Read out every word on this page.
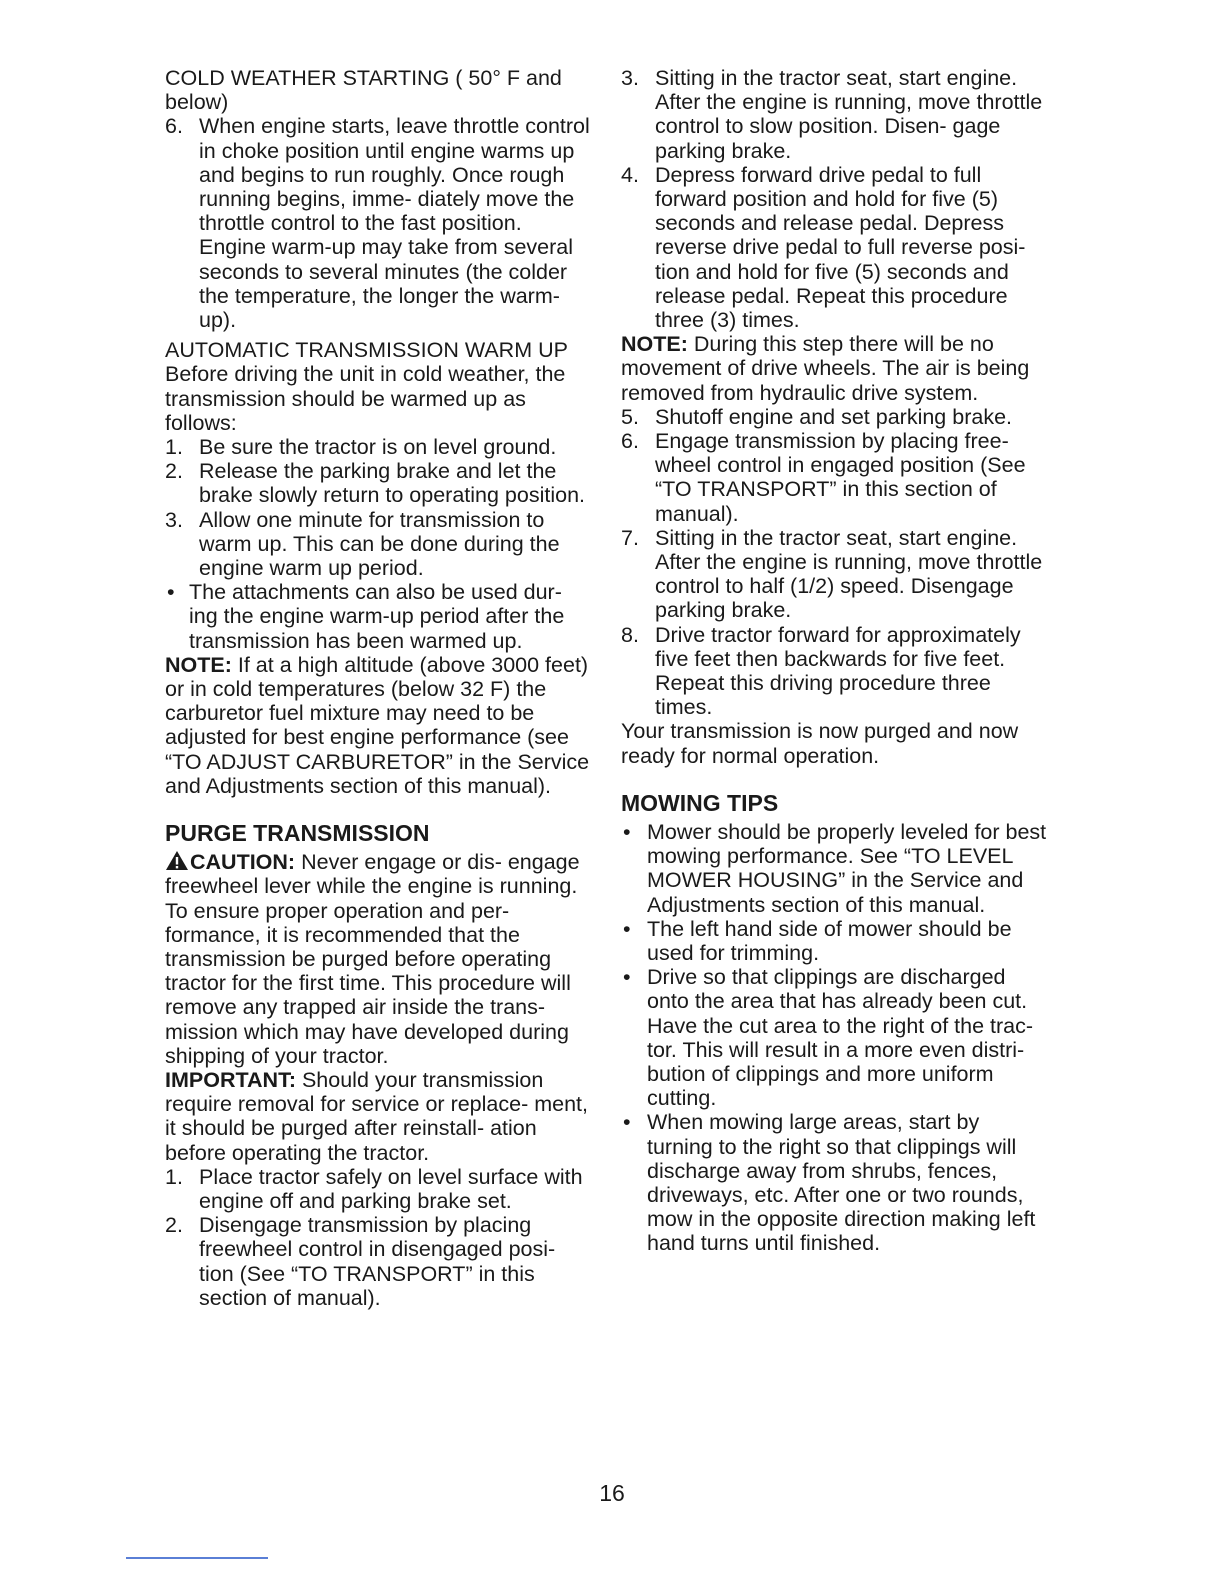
COLD WEATHER STARTING ( 50° F and
below)

6. When engine starts, leave throttle control in choke position until engine warms up and begins to run roughly. Once rough running begins, imme- diately move the throttle control to the fast position. Engine warm-up may take from several seconds to several minutes (the colder the temperature, the longer the warm-up).

AUTOMATIC TRANSMISSION WARM UP

Before driving the unit in cold weather, the transmission should be warmed up as follows:

1. Be sure the tractor is on level ground.
2. Release the parking brake and let the brake slowly return to operating position.
3. Allow one minute for transmission to warm up. This can be done during the engine warm up period.
• The attachments can also be used dur- ing the engine warm-up period after the transmission has been warmed up.

NOTE: If at a high altitude (above 3000 feet) or in cold temperatures (below 32 F) the carburetor fuel mixture may need to be adjusted for best engine performance (see “TO ADJUST CARBURETOR” in the Service and Adjustments section of this manual).

PURGE TRANSMISSION

CAUTION: Never engage or dis- engage freewheel lever while the engine is running.

To ensure proper operation and per- formance, it is recommended that the transmission be purged before operating tractor for the first time. This procedure will remove any trapped air inside the trans- mission which may have developed during shipping of your tractor.

IMPORTANT: Should your transmission require removal for service or replace- ment, it should be purged after reinstall- ation before operating the tractor.

1. Place tractor safely on level surface with engine off and parking brake set.
2. Disengage transmission by placing freewheel control in disengaged posi- tion (See “TO TRANSPORT” in this section of manual).
3. Sitting in the tractor seat, start engine. After the engine is running, move throttle control to slow position. Disen- gage parking brake.
4. Depress forward drive pedal to full forward position and hold for five (5) seconds and release pedal. Depress reverse drive pedal to full reverse posi- tion and hold for five (5) seconds and release pedal. Repeat this procedure three (3) times.

NOTE: During this step there will be no movement of drive wheels. The air is being removed from hydraulic drive system.

5. Shutoff engine and set parking brake.
6. Engage transmission by placing free- wheel control in engaged position (See “TO TRANSPORT” in this section of manual).
7. Sitting in the tractor seat, start engine. After the engine is running, move throttle control to half (1/2) speed. Disengage parking brake.
8. Drive tractor forward for approximately five feet then backwards for five feet. Repeat this driving procedure three times.

Your transmission is now purged and now ready for normal operation.

MOWING TIPS

• Mower should be properly leveled for best mowing performance. See “TO LEVEL MOWER HOUSING” in the Service and Adjustments section of this manual.
• The left hand side of mower should be used for trimming.
• Drive so that clippings are discharged onto the area that has already been cut. Have the cut area to the right of the trac- tor. This will result in a more even distri- bution of clippings and more uniform cutting.
• When mowing large areas, start by turning to the right so that clippings will discharge away from shrubs, fences, driveways, etc. After one or two rounds, mow in the opposite direction making left hand turns until finished.
16
